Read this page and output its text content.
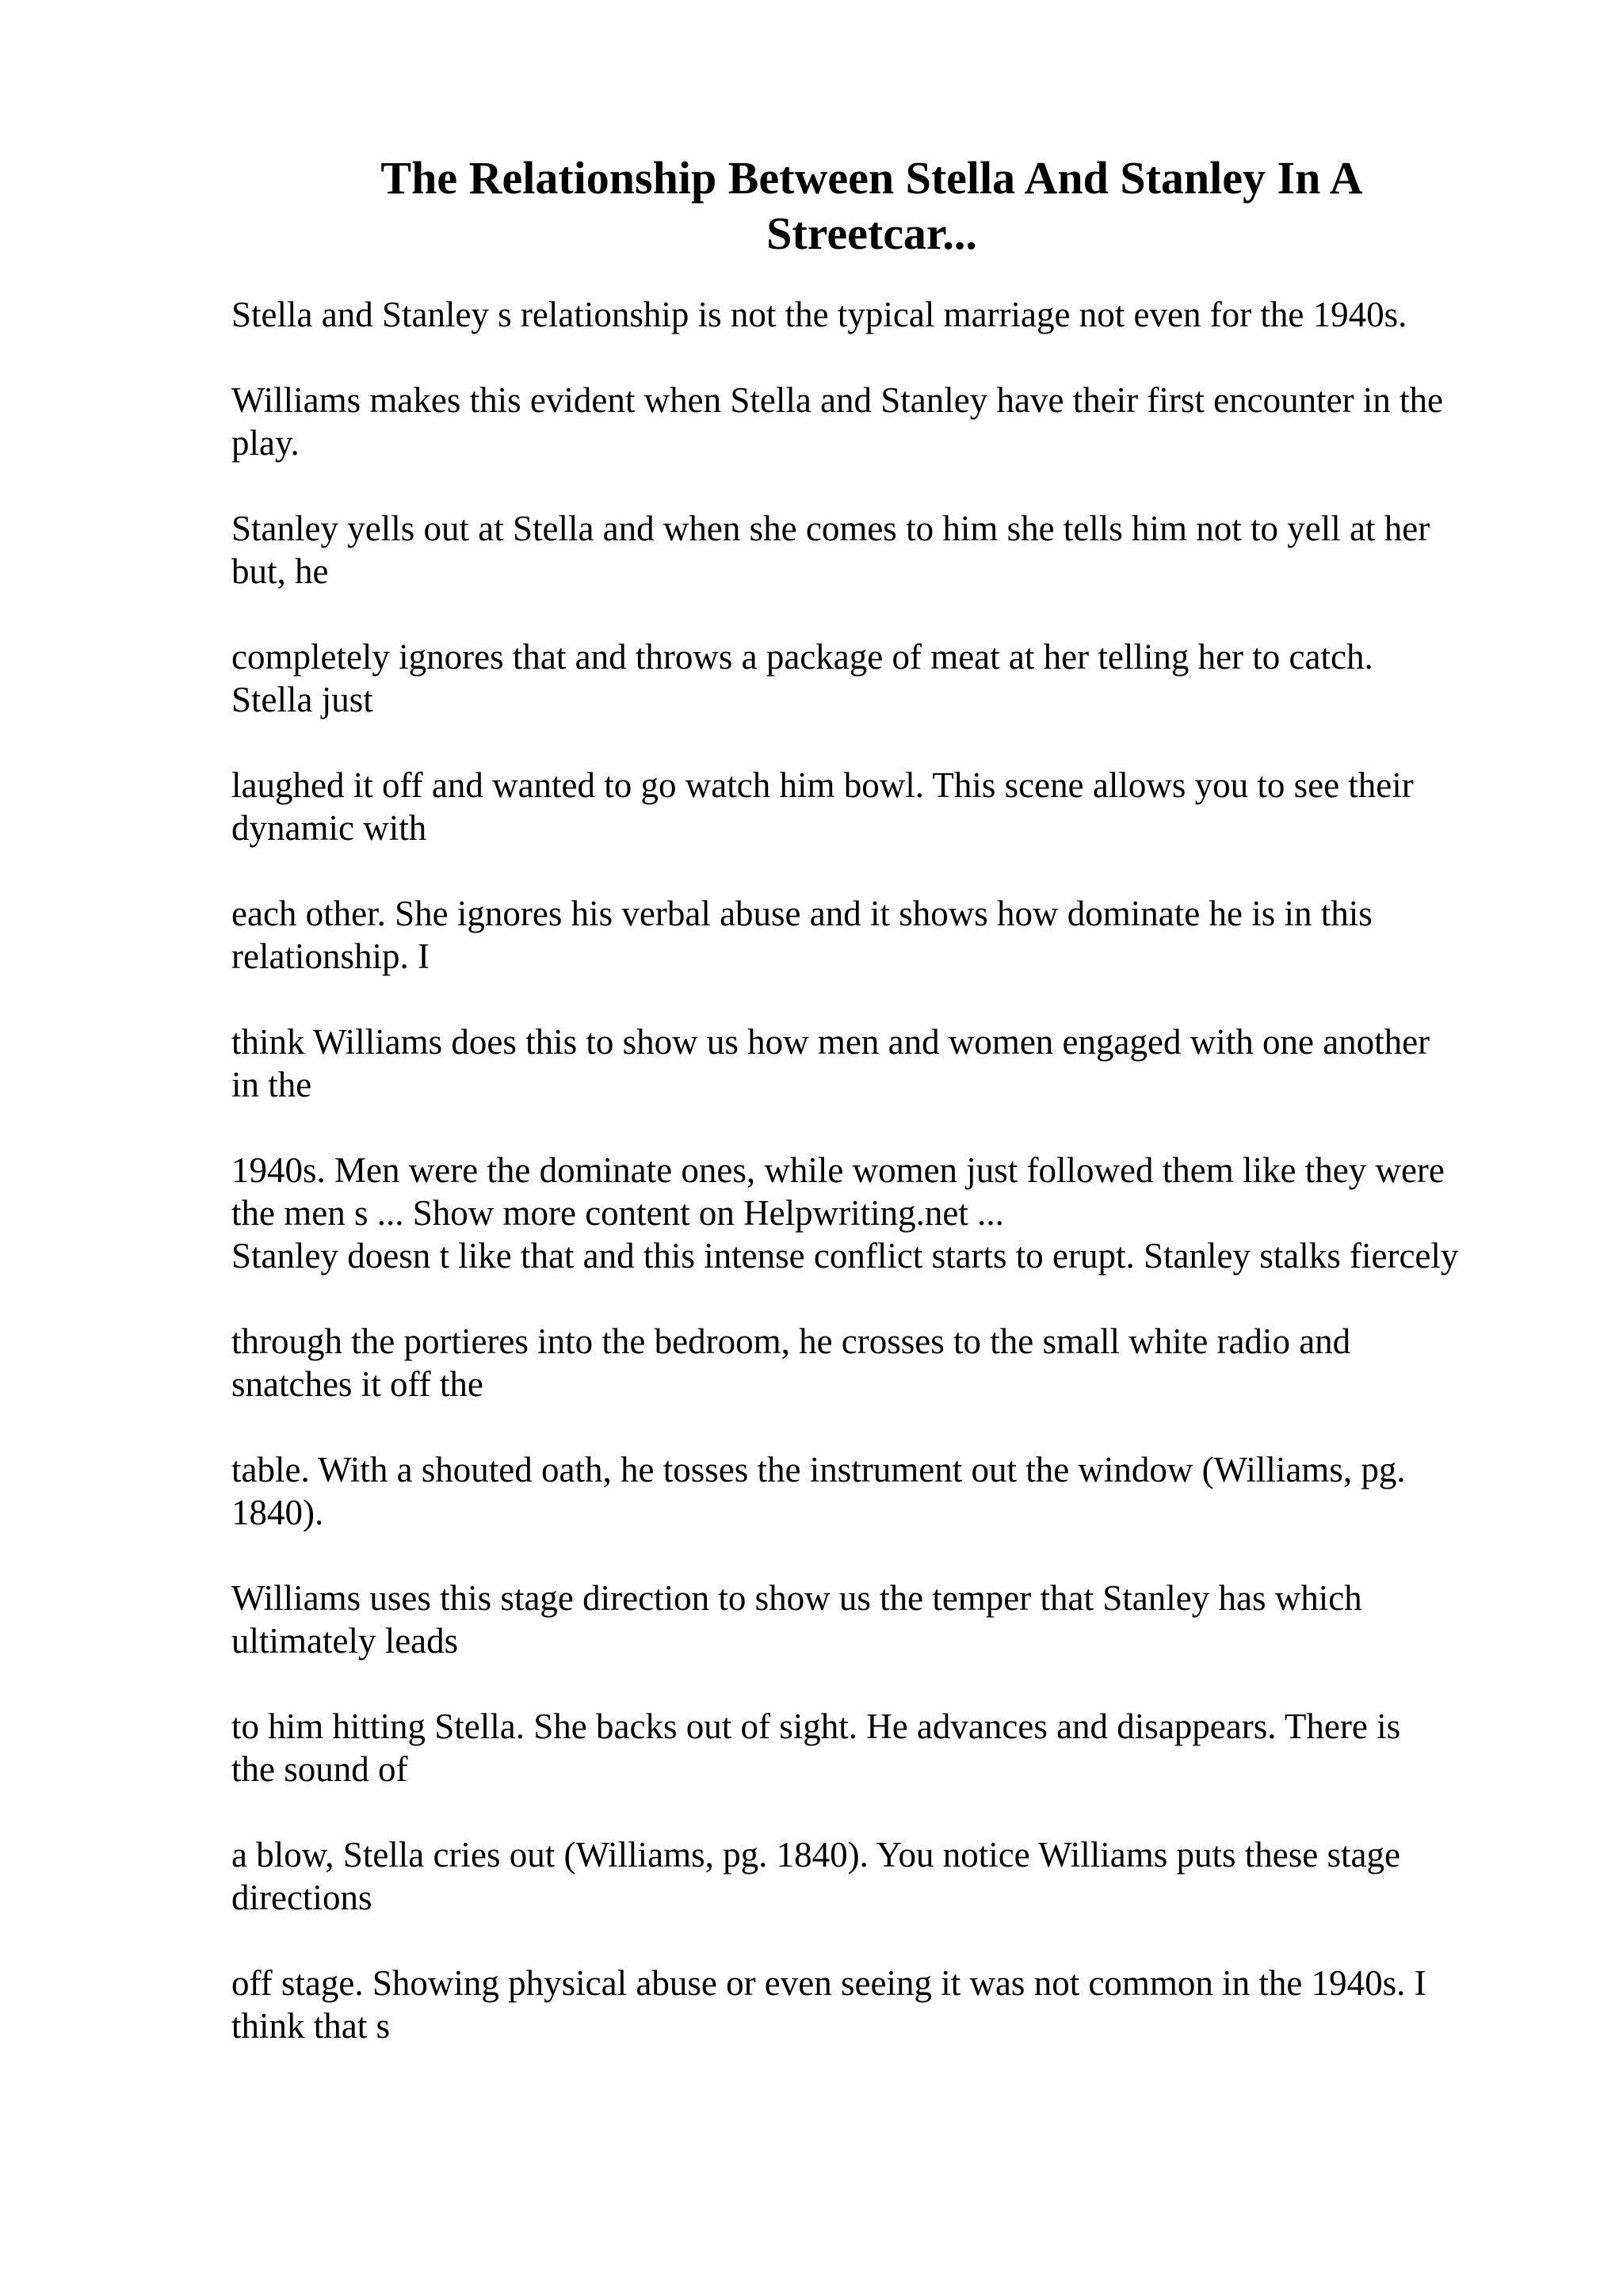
The Relationship Between Stella And Stanley In A
Streetcar...

Stella and Stanley s relationship is not the typical marriage not even for the 1940s.

Williams makes this evident when Stella and Stanley have their first encounter in the
play.

Stanley yells out at Stella and when she comes to him she tells him not to yell at her
but, he

completely ignores that and throws a package of meat at her telling her to catch.
Stella just

laughed it off and wanted to go watch him bowl. This scene allows you to see their
dynamic with

each other. She ignores his verbal abuse and it shows how dominate he is in this
relationship. I

think Williams does this to show us how men and women engaged with one another
in the

1940s. Men were the dominate ones, while women just followed them like they were
the men s ... Show more content on Helpwriting.net ...

Stanley doesn t like that and this intense conflict starts to erupt. Stanley stalks fiercely

through the portieres into the bedroom, he crosses to the small white radio and
snatches it off the

table. With a shouted oath, he tosses the instrument out the window (Williams, pg.
1840).

Williams uses this stage direction to show us the temper that Stanley has which
ultimately leads

to him hitting Stella. She backs out of sight. He advances and disappears. There is
the sound of

a blow, Stella cries out (Williams, pg. 1840). You notice Williams puts these stage
directions

off stage. Showing physical abuse or even seeing it was not common in the 1940s. I
think that s
